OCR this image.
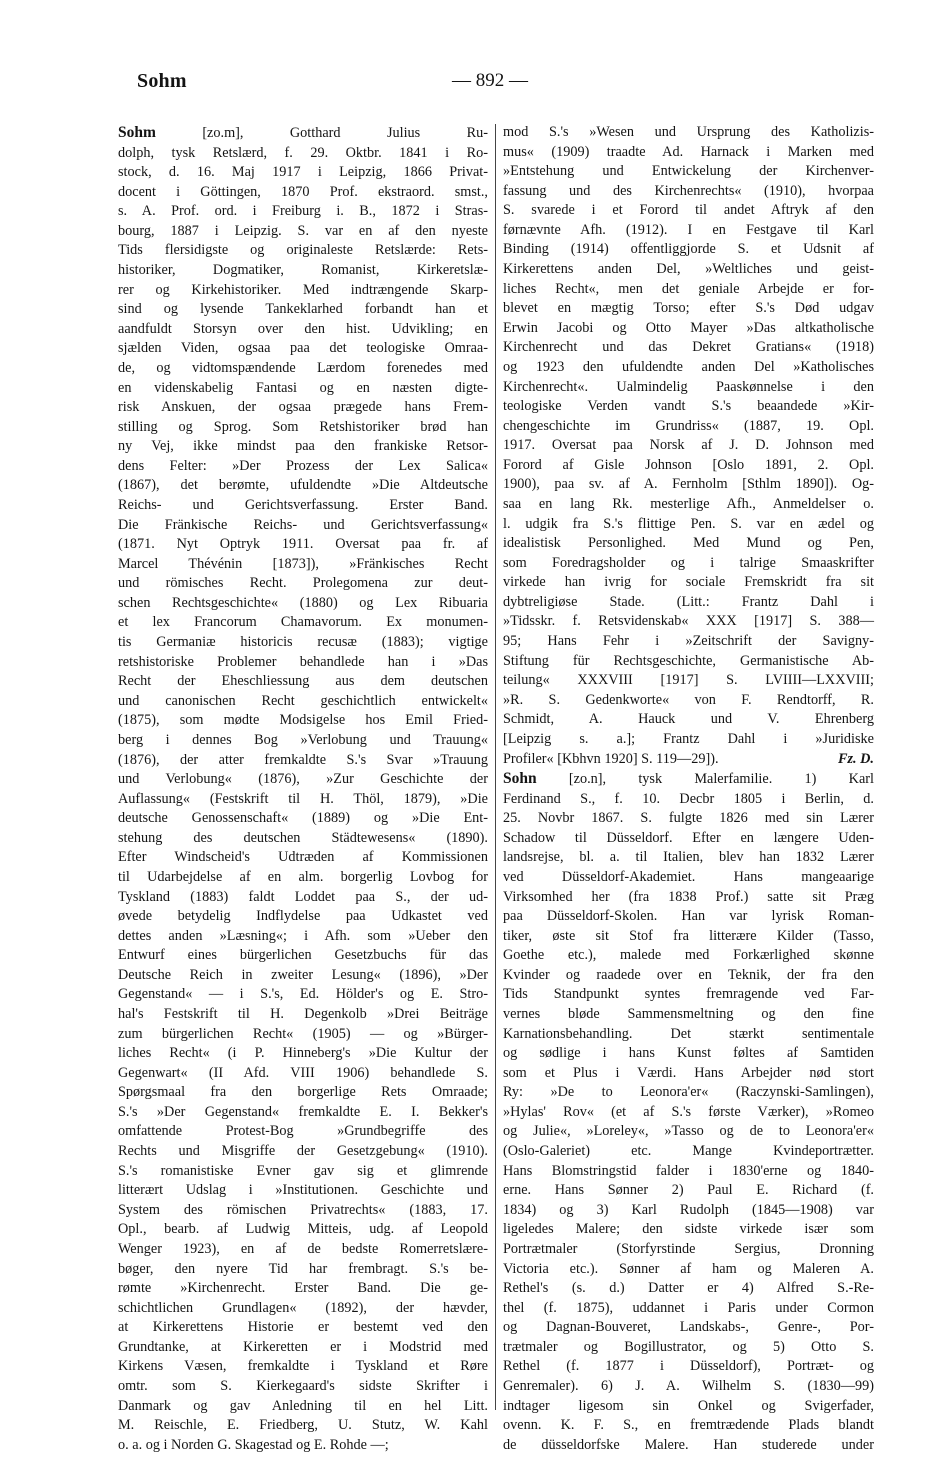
Sohm	— 892 —
Sohm [zo.m], Gotthard Julius Ru-
dolph, tysk Retslærd, f. 29. Oktbr. 1841 i Ro-
stock, d. 16. Maj 1917 i Leipzig, 1866 Privat-
docent i Göttingen, 1870 Prof. ekstraord. smst.,
s. A. Prof. ord. i Freiburg i. B., 1872 i Stras-
bourg, 1887 i Leipzig. S. var en af den nyeste
Tids flersidigste og originaleste Retslærde: Rets-
historiker, Dogmatiker, Romanist, Kirkeretslæ-
rer og Kirkehistoriker. Med indtrængende Skarp-
sind og lysende Tankeklarhed forbandt han et
aandfuldt Storsyn over den hist. Udvikling; en
sjælden Viden, ogsaa paa det teologiske Omraa-
de, og vidtomspændende Lærdom forenedes med
en videnskabelig Fantasi og en næsten digte-
risk Anskuen, der ogsaa prægede hans Frem-
stilling og Sprog. Som Retshistoriker brød han
ny Vej, ikke mindst paa den frankiske Retsor-
dens Felter: »Der Prozess der Lex Salica«
(1867), det berømte, ufuldendte »Die Altdeutsche
Reichs- und Gerichtsverfassung. Erster Band.
Die Fränkische Reichs- und Gerichtsverfassung«
(1871. Nyt Optryk 1911. Oversat paa fr. af
Marcel Thévénin [1873]), »Fränkisches Recht
und römisches Recht. Prolegomena zur deut-
schen Rechtsgeschichte« (1880) og Lex Ribuaria
et lex Francorum Chamavorum. Ex monumen-
tis Germaniæ historicis recusæ (1883); vigtige
retshistoriske Problemer behandlede han i »Das
Recht der Eheschliessung aus dem deutschen
und canonischen Recht geschichtlich entwickelt«
(1875), som mødte Modsigelse hos Emil Fried-
berg i dennes Bog »Verlobung und Trauung«
(1876), der atter fremkaldte S.'s Svar »Trauung
und Verlobung« (1876), »Zur Geschichte der
Auflassung« (Festskrift til H. Thöl, 1879), »Die
deutsche Genossenschaft« (1889) og »Die Ent-
stehung des deutschen Städtewesens« (1890).
Efter Windscheid's Udtræden af Kommissionen
til Udarbejdelse af en alm. borgerlig Lovbog for
Tyskland (1883) faldt Loddet paa S., der ud-
øvede betydelig Indflydelse paa Udkastet ved
dettes anden »Læsning«; i Afh. som »Ueber den
Entwurf eines bürgerlichen Gesetzbuchs für das
Deutsche Reich in zweiter Lesung« (1896), »Der
Gegenstand« — i S.'s, Ed. Hölder's og E. Stro-
hal's Festskrift til H. Degenkolb »Drei Beiträge
zum bürgerlichen Recht« (1905) — og »Bürger-
liches Recht« (i P. Hinneberg's »Die Kultur der
Gegenwart« (II Afd. VIII 1906) behandlede S.
Spørgsmaal fra den borgerlige Rets Omraade;
S.'s »Der Gegenstand« fremkaldte E. I. Bekker's
omfattende Protest-Bog »Grundbegriffe des
Rechts und Misgriffe der Gesetzgebung« (1910).
S.'s romanistiske Evner gav sig et glimrende
litterært Udslag i »Institutionen. Geschichte und
System des römischen Privatrechts« (1883, 17.
Opl., bearb. af Ludwig Mitteis, udg. af Leopold
Wenger 1923), en af de bedste Romerretslære-
bøger, den nyere Tid har frembragt. S.'s be-
rømte »Kirchenrecht. Erster Band. Die ge-
schichtlichen Grundlagen« (1892), der hævder,
at Kirkerettens Historie er bestemt ved den
Grundtanke, at Kirkeretten er i Modstrid med
Kirkens Væsen, fremkaldte i Tyskland et Røre
omtr. som S. Kierkegaard's sidste Skrifter i
Danmark og gav Anledning til en hel Litt.
M. Reischle, E. Friedberg, U. Stutz, W. Kahl
o. a. og i Norden G. Skagestad og E. Rohde —;
mod S.'s »Wesen und Ursprung des Katholizis-
mus« (1909) traadte Ad. Harnack i Marken med
»Entstehung und Entwickelung der Kirchenver-
fassung und des Kirchenrechts« (1910), hvorpaa
S. svarede i et Forord til andet Aftryk af den
førnævnte Afh. (1912). I en Festgave til Karl
Binding (1914) offentliggjorde S. et Udsnit af
Kirkerettens anden Del, »Weltliches und geist-
liches Recht«, men det geniale Arbejde er for-
blevet en mægtig Torso; efter S.'s Død udgav
Erwin Jacobi og Otto Mayer »Das altkatholische
Kirchenrecht und das Dekret Gratians« (1918)
og 1923 den ufuldendte anden Del »Katholisches
Kirchenrecht«. Ualmindelig Paaskønnelse i den
teologiske Verden vandt S.'s beaandede »Kir-
chengeschichte im Grundriss« (1887, 19. Opl.
1917. Oversat paa Norsk af J. D. Johnson med
Forord af Gisle Johnson [Oslo 1891, 2. Opl.
1900), paa sv. af A. Fernholm [Sthlm 1890]). Og-
saa en lang Rk. mesterlige Afh., Anmeldelser o.
l. udgik fra S.'s flittige Pen. S. var en ædel og
idealistisk Personlighed. Med Mund og Pen,
som Foredragsholder og i talrige Smaaskrifter
virkede han ivrig for sociale Fremskridt fra sit
dybtreligiøse Stade. (Litt.: Frantz Dahl i
»Tidsskr. f. Retsvidenskab« XXX [1917] S. 388—
95; Hans Fehr i »Zeitschrift der Savigny-
Stiftung für Rechtsgeschichte, Germanistische Ab-
teilung« XXXVIII [1917] S. LVIIII—LXXVIII;
»R. S. Gedenkworte« von F. Rendtorff, R.
Schmidt, A. Hauck und V. Ehrenberg
[Leipzig s. a.]; Frantz Dahl i »Juridiske
Profiler« [Kbhvn 1920] S. 119—29]).	Fz. D.
Sohn [zo.n], tysk Malerfamilie. 1) Karl
Ferdinand S., f. 10. Decbr 1805 i Berlin, d.
25. Novbr 1867. S. fulgte 1826 med sin Lærer
Schadow til Düsseldorf. Efter en længere Uden-
landsrejse, bl. a. til Italien, blev han 1832 Lærer
ved Düsseldorf-Akademiet. Hans mangeaarige
Virksomhed her (fra 1838 Prof.) satte sit Præg
paa Düsseldorf-Skolen. Han var lyrisk Roman-
tiker, øste sit Stof fra litterære Kilder (Tasso,
Goethe etc.), malede med Forkærlighed skønne
Kvinder og raadede over en Teknik, der fra den
Tids Standpunkt syntes fremragende ved Far-
vernes bløde Sammensmeltning og den fine
Karnationsbehandling. Det stærkt sentimentale
og sødlige i hans Kunst føltes af Samtiden
som et Plus i Værdi. Hans Arbejder nød stort
Ry: »De to Leonora'er« (Raczynski-Samlingen),
»Hylas' Rov« (et af S.'s første Værker), »Romeo
og Julie«, »Loreley«, »Tasso og de to Leonora'er«
(Oslo-Galeriet) etc. Mange Kvindeportrætter.
Hans Blomstringstid falder i 1830'erne og 1840-
erne. Hans Sønner 2) Paul E. Richard (f.
1834) og 3) Karl Rudolph (1845—1908) var
ligeledes Malere; den sidste virkede især som
Portrætmaler (Storfyrstinde Sergius, Dronning
Victoria etc.). Sønner af ham og Maleren A.
Rethel's (s. d.) Datter er 4) Alfred S.-Re-
thel (f. 1875), uddannet i Paris under Cormon
og Dagnan-Bouveret, Landskabs-, Genre-, Por-
trætmaler og Bogillustrator, og 5) Otto S.
Rethel (f. 1877 i Düsseldorf), Portræt- og
Genremaler). 6) J. A. Wilhelm S. (1830—99)
indtager ligesom sin Onkel og Svigerfader,
ovenn. K. F. S., en fremtrædende Plads blandt
de düsseldorfske Malere. Han studerede under
